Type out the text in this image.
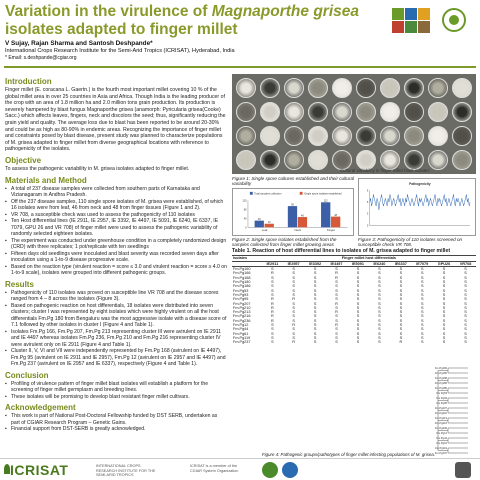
Variation in the virulence of Magnaporthe grisea isolates adapted to finger millet
V Sujay, Rajan Sharma and Santosh Deshpande*
International Crops Research Institute for the Semi-Arid Tropics (ICRISAT), Hyderabad, India
* Email: s.deshpande@cgiar.org
Introduction
Finger millet (E. coracana L. Gaertn.) is the fourth most important millet covering 10 % of the global millet area in over 25 countries in Asia and Africa. Though India is the leading producer of the crop with an area of 1.8 million ha and 2.0 million tons grain production. Its production is severely hampered by blast fungus Magnaporthe grisea (anamorph: Pyricularia grisea(Cooke) Sacc.) which affects leaves, fingers, neck and discolors the seed; thus, significantly reducing the grain yield and quality. The average loss due to blast has been reported to be around 20-30% and could be as high as 80-90% in endemic areas. Recognizing the importance of finger millet and constraints posed by blast disease, present study was planned to characterize populations of M. grisea adapted to finger millet from diverse geographical locations with reference to pathogenicity of the isolates.
Objective
To assess the pathogenic variability in M. grisea isolates adapted to finger millet.
Materials and Method
▪ A total of 237 disease samples were collected from southern parts of Karnataka and Vizianagaram in Andhra Pradesh.
▪ Off the 237 disease samples, 110 single spore isolates of M. grisea were established, of which 16 isolates were from leaf, 46 from neck and 48 from finger tissues (Figure 1 and 2).
▪ VR 708, a susceptible check was used to assess the pathogenicity of 110 isolates
▪ Ten Host differential lines (IE 2911, IE 2957, IE 3392, IE 4497, IE 5091, IE 6240, IE 6337, IE 7079, GPU 26 and VR 708) of finger millet were used to assess the pathogenic variability of randomly selected eighteen isolates.
▪ The experiment was conducted under greenhouse condition in a completely randomized design (CRD) with three replicates; 1 pot/replicate with ten seedlings
▪ Fifteen days old seedlings were inoculated and blast severity was recorded seven days after inoculation using a 1-to-9 disease progressive scale.
▪ Based on the reaction type (virulent reaction = score ≤ 3.0 and virulent reaction = score ≥ 4.0 on 1-to-9 scale), isolates were grouped into different pathogenic groups.
Results
▪ Pathogenicity of 110 isolates was proved on susceptible line VR 708 and the disease scores ranged from 4 – 8 across the isolates (Figure 3).
▪ Based on pathogenic reaction on host differentials, 18 isolates were distributed into seven clusters; cluster I was represented by eight isolates which were highly virulent on all the host differentials Fm.Pg 180 from Bengaluru was the most aggressive isolate with a disease score of 7.1 followed by other isolates in cluster I (Figure 4 and Table 1).
▪ Isolates Fm.Pg 166, Fm.Pg 207, Fm.Pg 213 representing cluster III were avirulent on IE 2911 and IE 4497 whereas isolates Fm.Pg 236, Fm.Pg 210 and Fm.Pg 216 representing cluster IV were avirulent only on IE 2911 (Figure 4 and Table 1).
▪ Cluster II, V, VI and VII were independently represented by Fm.Pg 168 (avirulent on IE 4497), Fm.Pg 95 (avirulent on IE 2911 and IE 2957), Fm.Pg 12 (avirulent on IE 2957 and IE 4497) and Fm.Pg 237 (avirulent on IE 2957 and IE 6337), respectively (Figure 4 and Table 1).
Conclusion
▪ Profiling of virulence pattern of finger millet blast isolates will establish a platform for the screening of finger millet germplasm and breeding lines.
▪ These isolates will be promising to develop blast resistant finger millet cultivars.
Acknowledgement
▪ This work is part of National Post-Doctoral Fellowship funded by DST SERB, undertaken as part of CGIAR Research Program – Genetic Gains.
▪ Financial support from DST-SERB is greatly acknowledged.
Cultural variability in finger millet blast isolates
Figure 1: Single spore cultures established and their cultural variability
30
95
112
16
46	48
Leaf	Neck	Finger
0
40
80
120
Total samples collection	Single spore isolates established
Figure 2: Single spore isolates established from the samples collected from finger millet growing areas
Pathogenicity
0
3
6
9
Figure 3: Pathogenicity of 110 isolates screened on susceptible check VR 708.
Table 1. Reaction of host differential lines to isolates of M. grisea adapted to finger millet
Isolates	Finger millet host differentials									
	IE2911	IE2957	IE3392	IE4497	IE5091	IE6240	IE6337	IE7079	GPU26	VR708
Fm.Pg160	S	S	S	S	S	S	S	S	S	S
Fm.Pg166	R	S	S	R	S	S	S	S	S	S
Fm.Pg168	S	S	S	R	S	S	S	S	S	S
Fm.Pg180	S	S	S	S	S	S	S	S	S	S
Fm.Pg186	S	S	S	S	S	S	S	S	S	S
Fm.Pg53	S	S	S	S	S	S	S	S	S	S
Fm.Pg93	S	S	S	S	S	S	S	S	S	S
Fm.Pg95	R	R	S	S	S	S	S	S	S	S
Fm.Pg207	R	S	S	R	S	S	S	S	S	S
Fm.Pg210	R	S	S	S	S	S	S	S	S	S
Fm.Pg213	R	S	S	R	S	S	S	S	S	S
Fm.Pg216	R	S	S	S	S	S	S	S	S	S
Fm.Pg236	R	S	S	S	S	S	S	S	S	S
Fm.Pg12	S	R	S	R	S	S	S	S	S	S
Fm.Pg44	S	S	S	S	S	S	S	S	S	S
Fm.Pg61	S	S	S	S	S	S	S	S	S	S
Fm.Pg119	S	S	S	S	S	S	S	S	S	S
Fm.Pg237	S	R	S	S	S	S	R	S	S	S
Fm.Pg160
Fm.Pg166
Fm.Pg168
Fm.Pg180
Fm.Pg186
Fm.Pg53
Fm.Pg93
Fm.Pg95
Fm.Pg207
Fm.Pg210
Fm.Pg213
Fm.Pg216
Fm.Pg236
Fm.Pg12
Fm.Pg44
Fm.Pg61
Fm.Pg119
Fm.Pg237
Figure 4: Pathogenic groups/pathotypes of finger millet infecting populations of M. grisea.
ICRISAT	INTERNATIONAL CROPS RESEARCH INSTITUTE FOR THE SEMI-ARID TROPICS
ICRISAT is a member of the CGIAR System Organization
